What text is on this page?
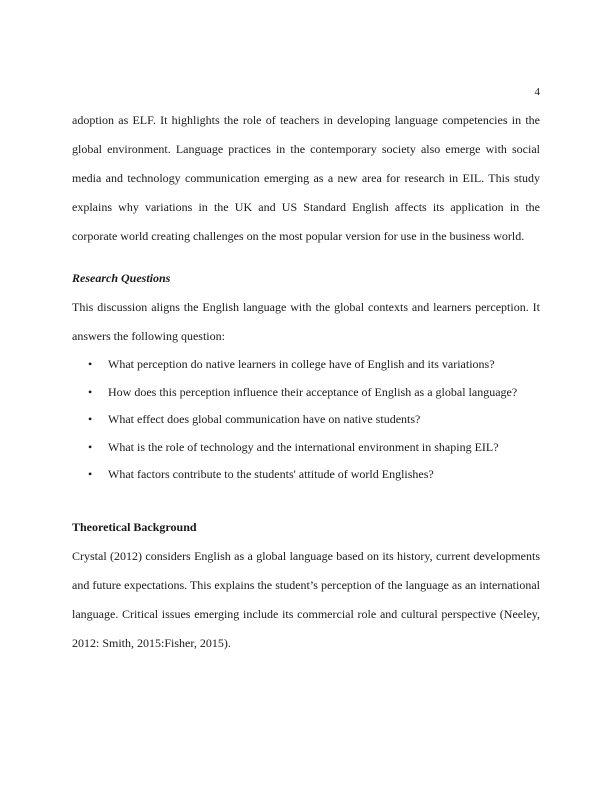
4

adoption as ELF. It highlights the role of teachers in developing language competencies in the global environment. Language practices in the contemporary society also emerge with social media and technology communication emerging as a new area for research in EIL. This study explains why variations in the UK and US Standard English affects its application in the corporate world creating challenges on the most popular version for use in the business world.

Research Questions

This discussion aligns the English language with the global contexts and learners perception. It answers the following question:

• What perception do native learners in college have of English and its variations?
• How does this perception influence their acceptance of English as a global language?
• What effect does global communication have on native students?
• What is the role of technology and the international environment in shaping EIL?
• What factors contribute to the students' attitude of world Englishes?
Theoretical Background

Crystal (2012) considers English as a global language based on its history, current developments and future expectations. This explains the student’s perception of the language as an international language. Critical issues emerging include its commercial role and cultural perspective (Neeley, 2012: Smith, 2015:Fisher, 2015).
